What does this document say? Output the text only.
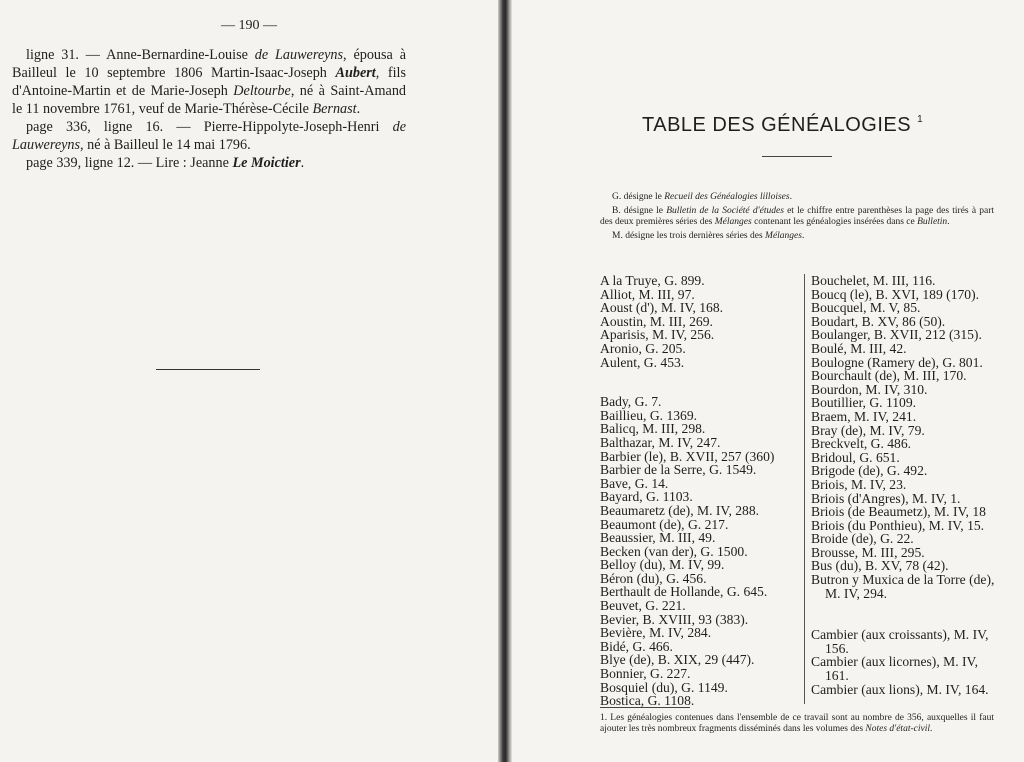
— 190 —

ligne 31. — Anne-Bernardine-Louise de Lauwereyns, épousa à Bailleul le 10 septembre 1806 Martin-Isaac-Joseph Aubert, fils d'Antoine-Martin et de Marie-Joseph Deltourbe, né à Saint-Amand le 11 novembre 1761, veuf de Marie-Thérèse-Cécile Bernast.

page 336, ligne 16. — Pierre-Hippolyte-Joseph-Henri de Lauwereyns, né à Bailleul le 14 mai 1796.

page 339, ligne 12. — Lire : Jeanne Le Moictier.

TABLE DES GÉNÉALOGIES $^1$

G. désigne le Recueil des Généalogies lilloises.

B. désigne le Bulletin de la Société d'études et le chiffre entre parenthèses la page des tirés à part des deux premières séries des Mélanges contenant les généalogies insérées dans ce Bulletin.

M. désigne les trois dernières séries des Mélanges.

A la Truye, G. 899.
Alliot, M. III, 97.
Aoust (d'), M. IV, 168.
Aoustin, M. III, 269.
Aparisis, M. IV, 256.
Aronio, G. 205.
Aulent, G. 453.
Bady, G. 7.
Baillieu, G. 1369.
Balicq, M. III, 298.
Balthazar, M. IV, 247.
Barbier (le), B. XVII, 257 (360)
Barbier de la Serre, G. 1549.
Bave, G. 14.
Bayard, G. 1103.
Beaumaretz (de), M. IV, 288.
Beaumont (de), G. 217.
Beaussier, M. III, 49.
Becken (van der), G. 1500.
Belloy (du), M. IV, 99.
Béron (du), G. 456.
Berthault de Hollande, G. 645.
Beuvet, G. 221.
Bevier, B. XVIII, 93 (383).
Bevière, M. IV, 284.
Bidé, G. 466.
Blye (de), B. XIX, 29 (447).
Bonnier, G. 227.
Bosquiel (du), G. 1149.
Bostica, G. 1108.
Bouchelet, M. III, 116.
Boucq (le), B. XVI, 189 (170).
Boucquel, M. V, 85.
Boudart, B. XV, 86 (50).
Boulanger, B. XVII, 212 (315).
Boulé, M. III, 42.
Boulogne (Ramery de), G. 801.
Bourchault (de), M. III, 170.
Bourdon, M. IV, 310.
Boutillier, G. 1109.
Braem, M. IV, 241.
Bray (de), M. IV, 79.
Breckvelt, G. 486.
Bridoul, G. 651.
Brigode (de), G. 492.
Briois, M. IV, 23.
Briois (d'Angres), M. IV, 1.
Briois (de Beaumetz), M. IV, 18
Briois (du Ponthieu), M. IV, 15.
Broide (de), G. 22.
Brousse, M. III, 295.
Bus (du), B. XV, 78 (42).
Butron y Muxica de la Torre (de), M. IV, 294.
Cambier (aux croissants), M. IV, 156.
Cambier (aux licornes), M. IV, 161.
Cambier (aux lions), M. IV, 164.
1. Les généalogies contenues dans l'ensemble de ce travail sont au nombre de 356, auxquelles il faut ajouter les très nombreux fragments disséminés dans les volumes des Notes d'état-civil.
